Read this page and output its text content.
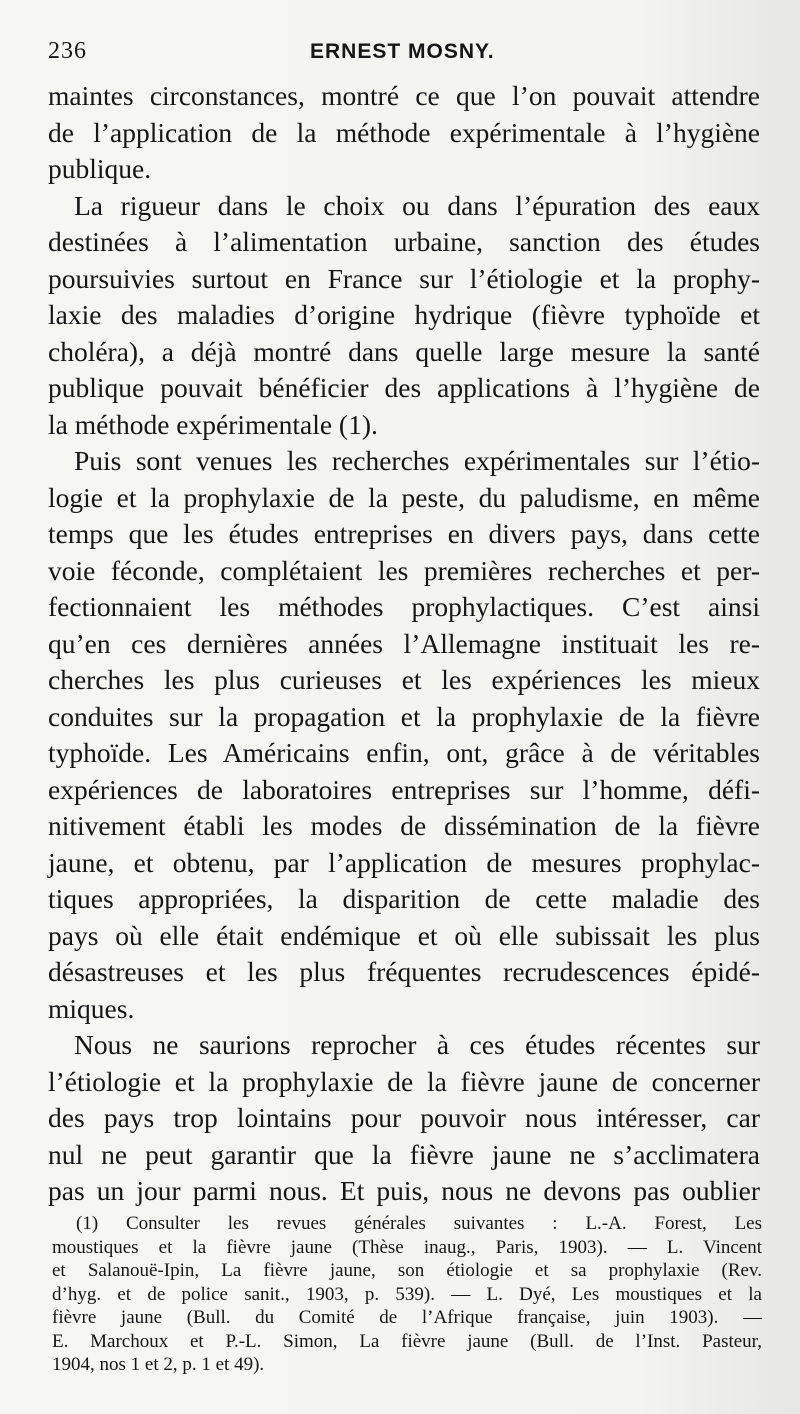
236	ERNEST MOSNY.
maintes circonstances, montré ce que l’on pouvait attendre
de l’application de la méthode expérimentale à l’hygiène
publique.
La rigueur dans le choix ou dans l’épuration des eaux
destinées à l’alimentation urbaine, sanction des études
poursuivies surtout en France sur l’étiologie et la prophy-
laxie des maladies d’origine hydrique (fièvre typhoïde et
choléra), a déjà montré dans quelle large mesure la santé
publique pouvait bénéficier des applications à l’hygiène de
la méthode expérimentale (1).
Puis sont venues les recherches expérimentales sur l’étio-
logie et la prophylaxie de la peste, du paludisme, en même
temps que les études entreprises en divers pays, dans cette
voie féconde, complétaient les premières recherches et per-
fectionnaient les méthodes prophylactiques. C’est ainsi
qu’en ces dernières années l’Allemagne instituait les re-
cherches les plus curieuses et les expériences les mieux
conduites sur la propagation et la prophylaxie de la fièvre
typhoïde. Les Américains enfin, ont, grâce à de véritables
expériences de laboratoires entreprises sur l’homme, défi-
nitivement établi les modes de dissémination de la fièvre
jaune, et obtenu, par l’application de mesures prophylac-
tiques appropriées, la disparition de cette maladie des
pays où elle était endémique et où elle subissait les plus
désastreuses et les plus fréquentes recrudescences épidé-
miques.
Nous ne saurions reprocher à ces études récentes sur
l’étiologie et la prophylaxie de la fièvre jaune de concerner
des pays trop lointains pour pouvoir nous intéresser, car
nul ne peut garantir que la fièvre jaune ne s’acclimatera
pas un jour parmi nous. Et puis, nous ne devons pas oublier
(1) Consulter les revues générales suivantes : L.-A. Forest, Les
moustiques et la fièvre jaune (Thèse inaug., Paris, 1903). — L. Vincent
et Salanouë-Ipin, La fièvre jaune, son étiologie et sa prophylaxie (Rev.
d’hyg. et de police sanit., 1903, p. 539). — L. Dyé, Les moustiques et la
fièvre jaune (Bull. du Comité de l’Afrique française, juin 1903). —
E. Marchoux et P.-L. Simon, La fièvre jaune (Bull. de l’Inst. Pasteur,
1904, nos 1 et 2, p. 1 et 49).
